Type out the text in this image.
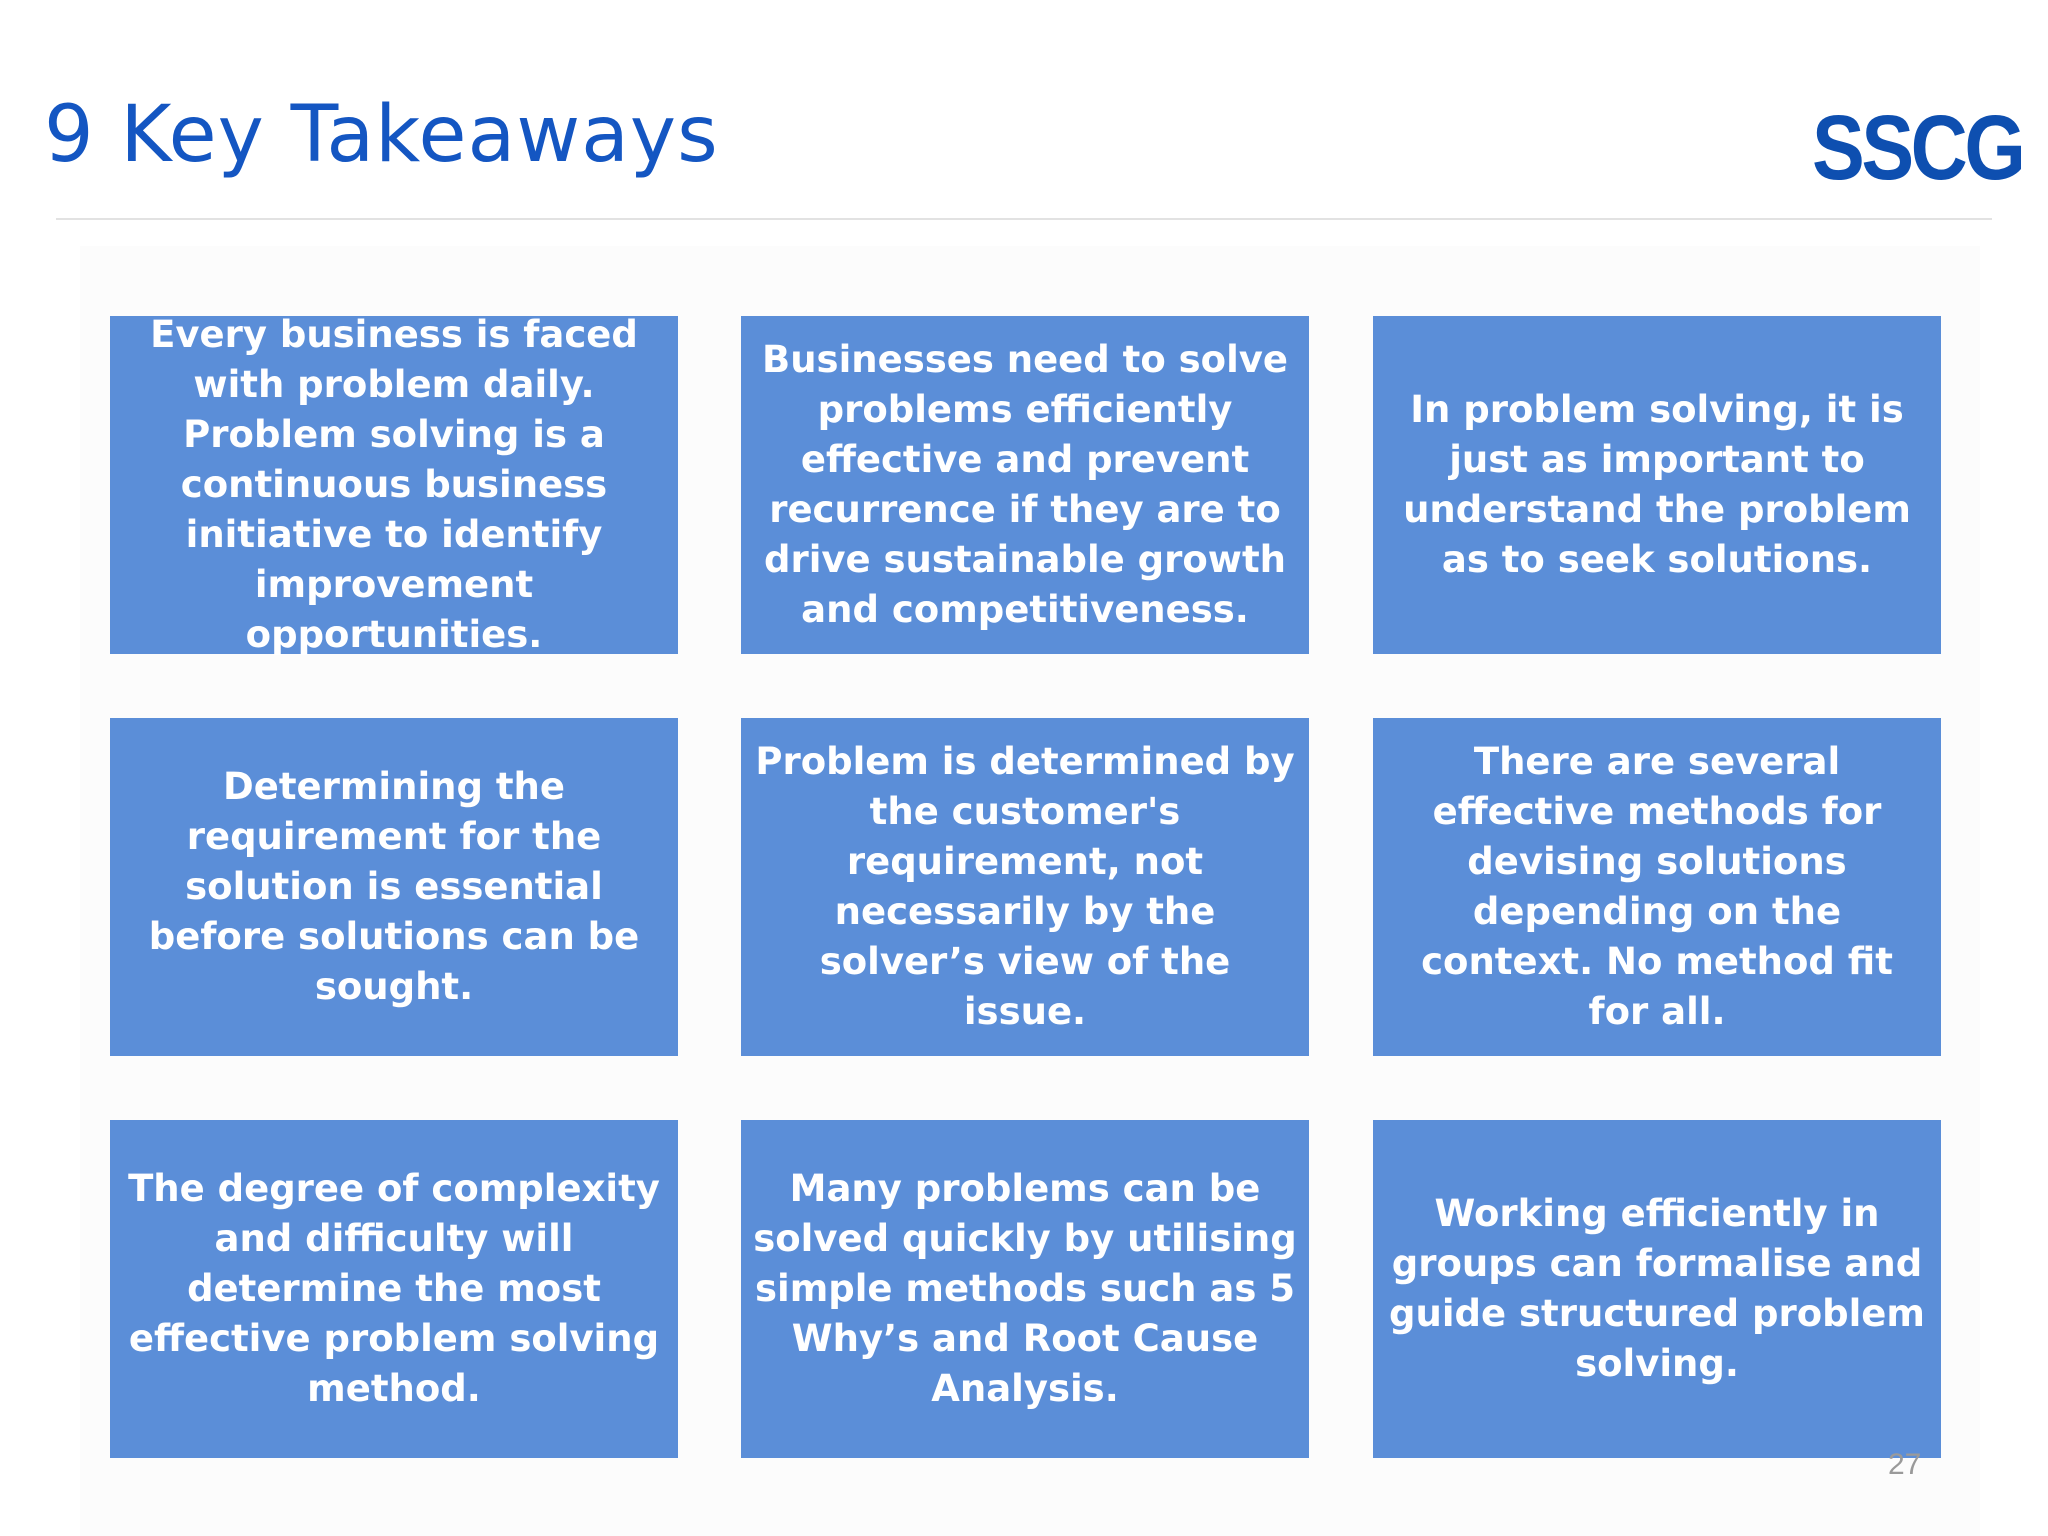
9 Key Takeaways	SSCG
Every business is faced with problem daily. Problem solving is a continuous business initiative to identify improvement opportunities.
Businesses need to solve problems efficiently effective and prevent recurrence if they are to drive sustainable growth and competitiveness.
In problem solving, it is just as important to understand the problem as to seek solutions.
Determining the requirement for the solution is essential before solutions can be sought.
Problem is determined by the customer's requirement, not necessarily by the solver’s view of the issue.
There are several effective methods for devising solutions depending on the context. No method fit for all.
The degree of complexity and difficulty will determine the most effective problem solving method.
Many problems can be solved quickly by utilising simple methods such as 5 Why’s and Root Cause Analysis.
Working efficiently in groups can formalise and guide structured problem solving.
27
